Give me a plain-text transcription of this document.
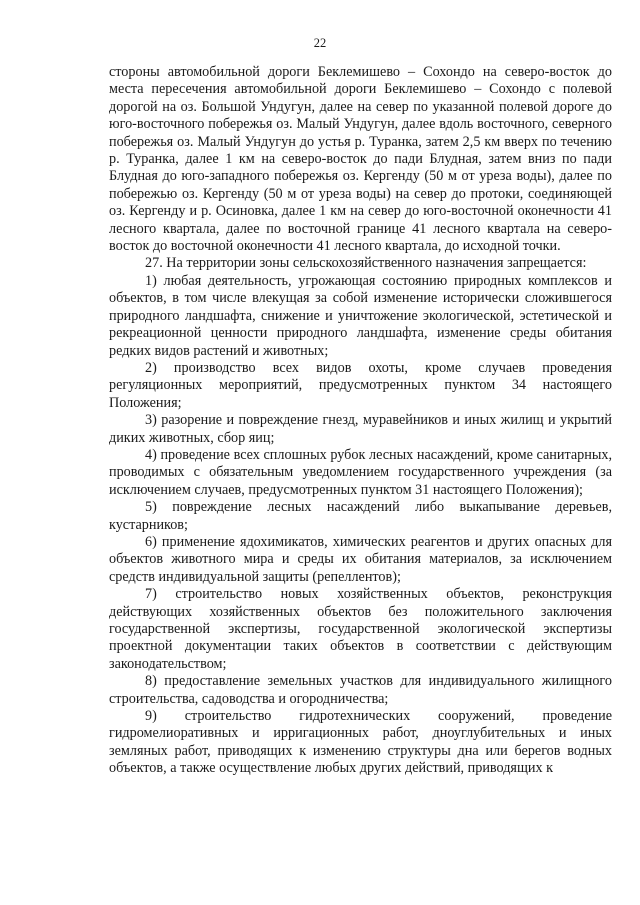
22

стороны автомобильной дороги Беклемишево – Сохондо на северо-восток до места пересечения автомобильной дороги Беклемишево – Сохондо с полевой дорогой на оз. Большой Ундугун, далее на север по указанной полевой дороге до юго-восточного побережья оз. Малый Ундугун, далее вдоль восточного, северного побережья оз. Малый Ундугун до устья р. Туранка, затем 2,5 км вверх по течению р. Туранка, далее 1 км на северо-восток до пади Блудная, затем вниз по пади Блудная до юго-западного побережья оз. Кергенду (50 м от уреза воды), далее по побережью оз. Кергенду (50 м от уреза воды) на север до протоки, соединяющей оз. Кергенду и р. Осиновка, далее 1 км на север до юго-восточной оконечности 41 лесного квартала, далее по восточной границе 41 лесного квартала на северо-восток до восточной оконечности 41 лесного квартала, до исходной точки.

27. На территории зоны сельскохозяйственного назначения запрещается:

1) любая деятельность, угрожающая состоянию природных комплексов и объектов, в том числе влекущая за собой изменение исторически сложившегося природного ландшафта, снижение и уничтожение экологической, эстетической и рекреационной ценности природного ландшафта, изменение среды обитания редких видов растений и животных;

2) производство всех видов охоты, кроме случаев проведения регуляционных мероприятий, предусмотренных пунктом 34 настоящего Положения;

3) разорение и повреждение гнезд, муравейников и иных жилищ и укрытий диких животных, сбор яиц;

4) проведение всех сплошных рубок лесных насаждений, кроме санитарных, проводимых с обязательным уведомлением государственного учреждения (за исключением случаев, предусмотренных пунктом 31 настоящего Положения);

5) повреждение лесных насаждений либо выкапывание деревьев, кустарников;

6) применение ядохимикатов, химических реагентов и других опасных для объектов животного мира и среды их обитания материалов, за исключением средств индивидуальной защиты (репеллентов);

7) строительство новых хозяйственных объектов, реконструкция действующих хозяйственных объектов без положительного заключения государственной экспертизы, государственной экологической экспертизы проектной документации таких объектов в соответствии с действующим законодательством;

8) предоставление земельных участков для индивидуального жилищного строительства, садоводства и огородничества;

9) строительство гидротехнических сооружений, проведение гидромелиоративных и ирригационных работ, дноуглубительных и иных земляных работ, приводящих к изменению структуры дна или берегов водных объектов, а также осуществление любых других действий, приводящих к
